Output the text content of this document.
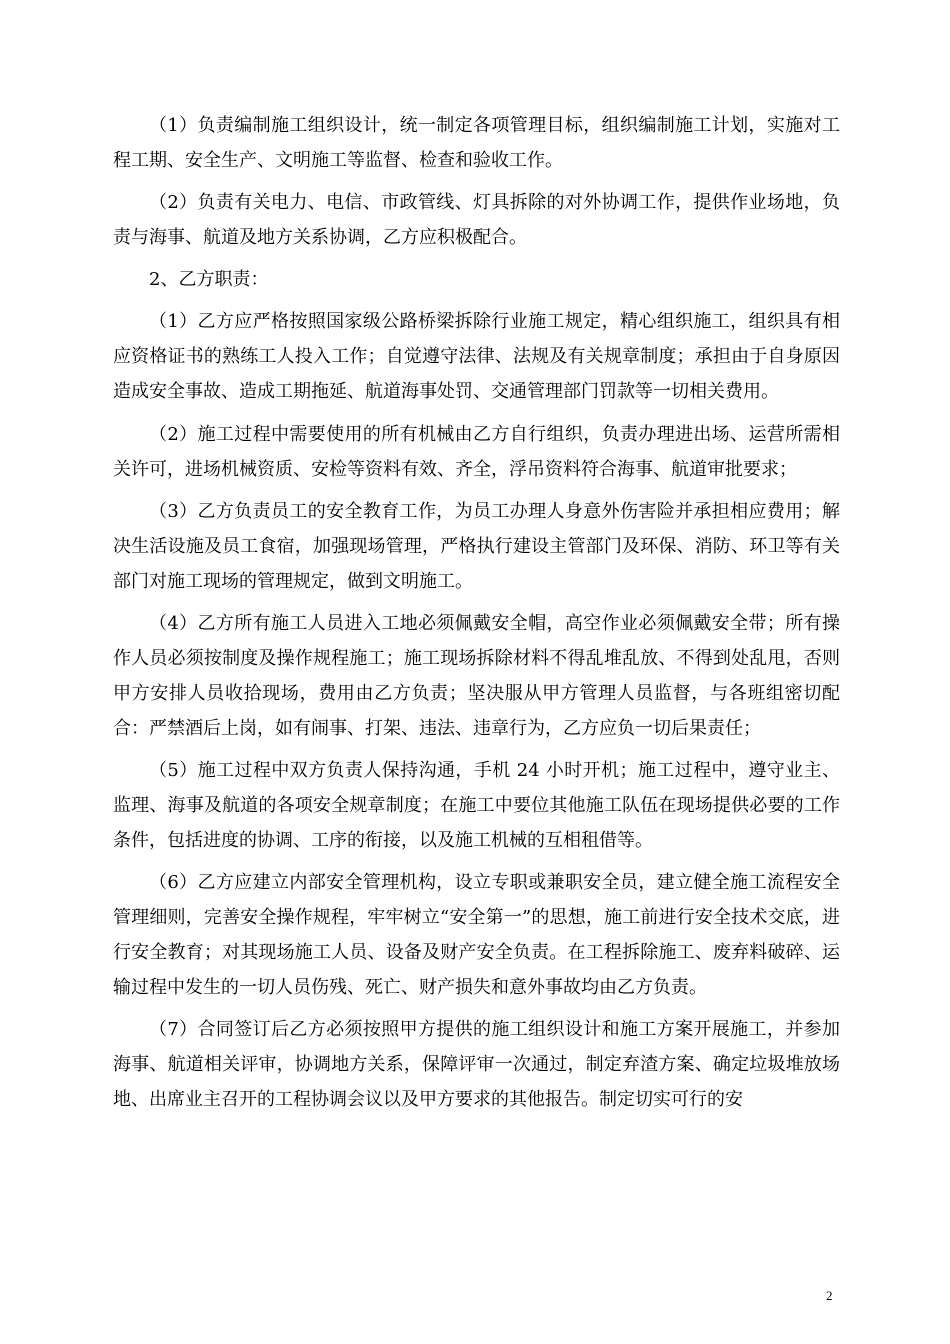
（1）负责编制施工组织设计，统一制定各项管理目标，组织编制施工计划，实施对工程工期、安全生产、文明施工等监督、检查和验收工作。

（2）负责有关电力、电信、市政管线、灯具拆除的对外协调工作，提供作业场地，负责与海事、航道及地方关系协调，乙方应积极配合。

2、乙方职责：

（1）乙方应严格按照国家级公路桥梁拆除行业施工规定，精心组织施工，组织具有相应资格证书的熟练工人投入工作；自觉遵守法律、法规及有关规章制度；承担由于自身原因造成安全事故、造成工期拖延、航道海事处罚、交通管理部门罚款等一切相关费用。

（2）施工过程中需要使用的所有机械由乙方自行组织，负责办理进出场、运营所需相关许可，进场机械资质、安检等资料有效、齐全，浮吊资料符合海事、航道审批要求；

（3）乙方负责员工的安全教育工作，为员工办理人身意外伤害险并承担相应费用；解决生活设施及员工食宿，加强现场管理，严格执行建设主管部门及环保、消防、环卫等有关部门对施工现场的管理规定，做到文明施工。

（4）乙方所有施工人员进入工地必须佩戴安全帽，高空作业必须佩戴安全带；所有操作人员必须按制度及操作规程施工；施工现场拆除材料不得乱堆乱放、不得到处乱甩，否则甲方安排人员收拾现场，费用由乙方负责；坚决服从甲方管理人员监督，与各班组密切配合：严禁酒后上岗，如有闹事、打架、违法、违章行为，乙方应负一切后果责任；

（5）施工过程中双方负责人保持沟通，手机 24 小时开机；施工过程中，遵守业主、监理、海事及航道的各项安全规章制度；在施工中要位其他施工队伍在现场提供必要的工作条件，包括进度的协调、工序的衔接，以及施工机械的互相租借等。

（6）乙方应建立内部安全管理机构，设立专职或兼职安全员，建立健全施工流程安全管理细则，完善安全操作规程，牢牢树立“安全第一”的思想，施工前进行安全技术交底，进行安全教育；对其现场施工人员、设备及财产安全负责。在工程拆除施工、废弃料破碎、运输过程中发生的一切人员伤残、死亡、财产损失和意外事故均由乙方负责。

（7）合同签订后乙方必须按照甲方提供的施工组织设计和施工方案开展施工，并参加海事、航道相关评审，协调地方关系，保障评审一次通过，制定弃渣方案、确定垃圾堆放场地、出席业主召开的工程协调会议以及甲方要求的其他报告。制定切实可行的安

2
